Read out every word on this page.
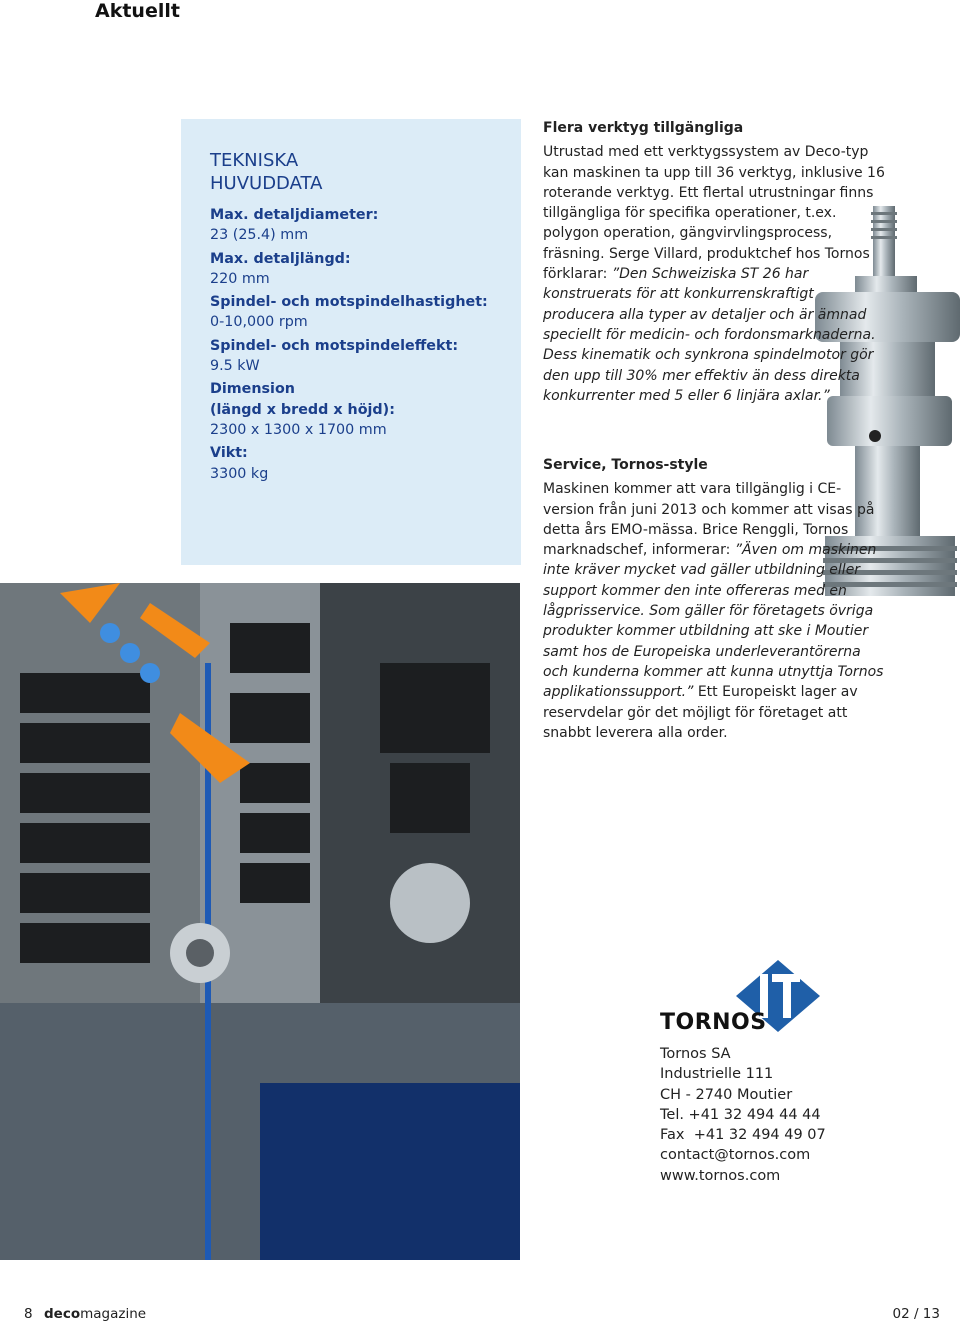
Aktuellt
TEKNISKA
HUVUDDATA
Max. detaljdiameter:
23 (25.4) mm
Max. detaljlängd:
220 mm
Spindel- och motspindelhastighet:
0-10,000 rpm
Spindel- och motspindeleffekt:
9.5 kW
Dimension
(längd x bredd x höjd):
2300 x 1300 x 1700 mm
Vikt:
3300 kg

Flera verktyg tillgängliga

Utrustad med ett verktygssystem av Deco-typ kan maskinen ta upp till 36 verktyg, inklusive 16 roterande verktyg. Ett flertal utrustningar finns tillgängliga för specifika operationer, t.ex. polygon operation, gängvirvlingsprocess, fräsning. Serge Villard, produktchef hos Tornos förklarar: ”Den Schweiziska ST 26 har konstruerats för att konkurrenskraftigt producera alla typer av detaljer och är ämnad speciellt för medicin- och fordonsmarknaderna. Dess kinematik och synkrona spindelmotor gör den upp till 30% mer effektiv än dess direkta konkurrenter med 5 eller 6 linjära axlar.”

Service, Tornos-style

Maskinen kommer att vara tillgänglig i CE-version från juni 2013 och kommer att visas på detta års EMO-mässa. Brice Renggli, Tornos marknadschef, informerar: ”Även om maskinen inte kräver mycket vad gäller utbildning eller support kommer den inte offereras med en lågprisservice. Som gäller för företagets övriga produkter kommer utbildning att ske i Moutier samt hos de Europeiska underleverantörerna och kunderna kommer att kunna utnyttja Tornos applikationssupport.” Ett Europeiskt lager av reservdelar gör det möjligt för företaget att snabbt leverera alla order.

TORNOS
Tornos SA
Industrielle 111
CH - 2740 Moutier
Tel. +41 32 494 44 44
Fax  +41 32 494 49 07
contact@tornos.com
www.tornos.com
8 decomagazine	02 / 13
